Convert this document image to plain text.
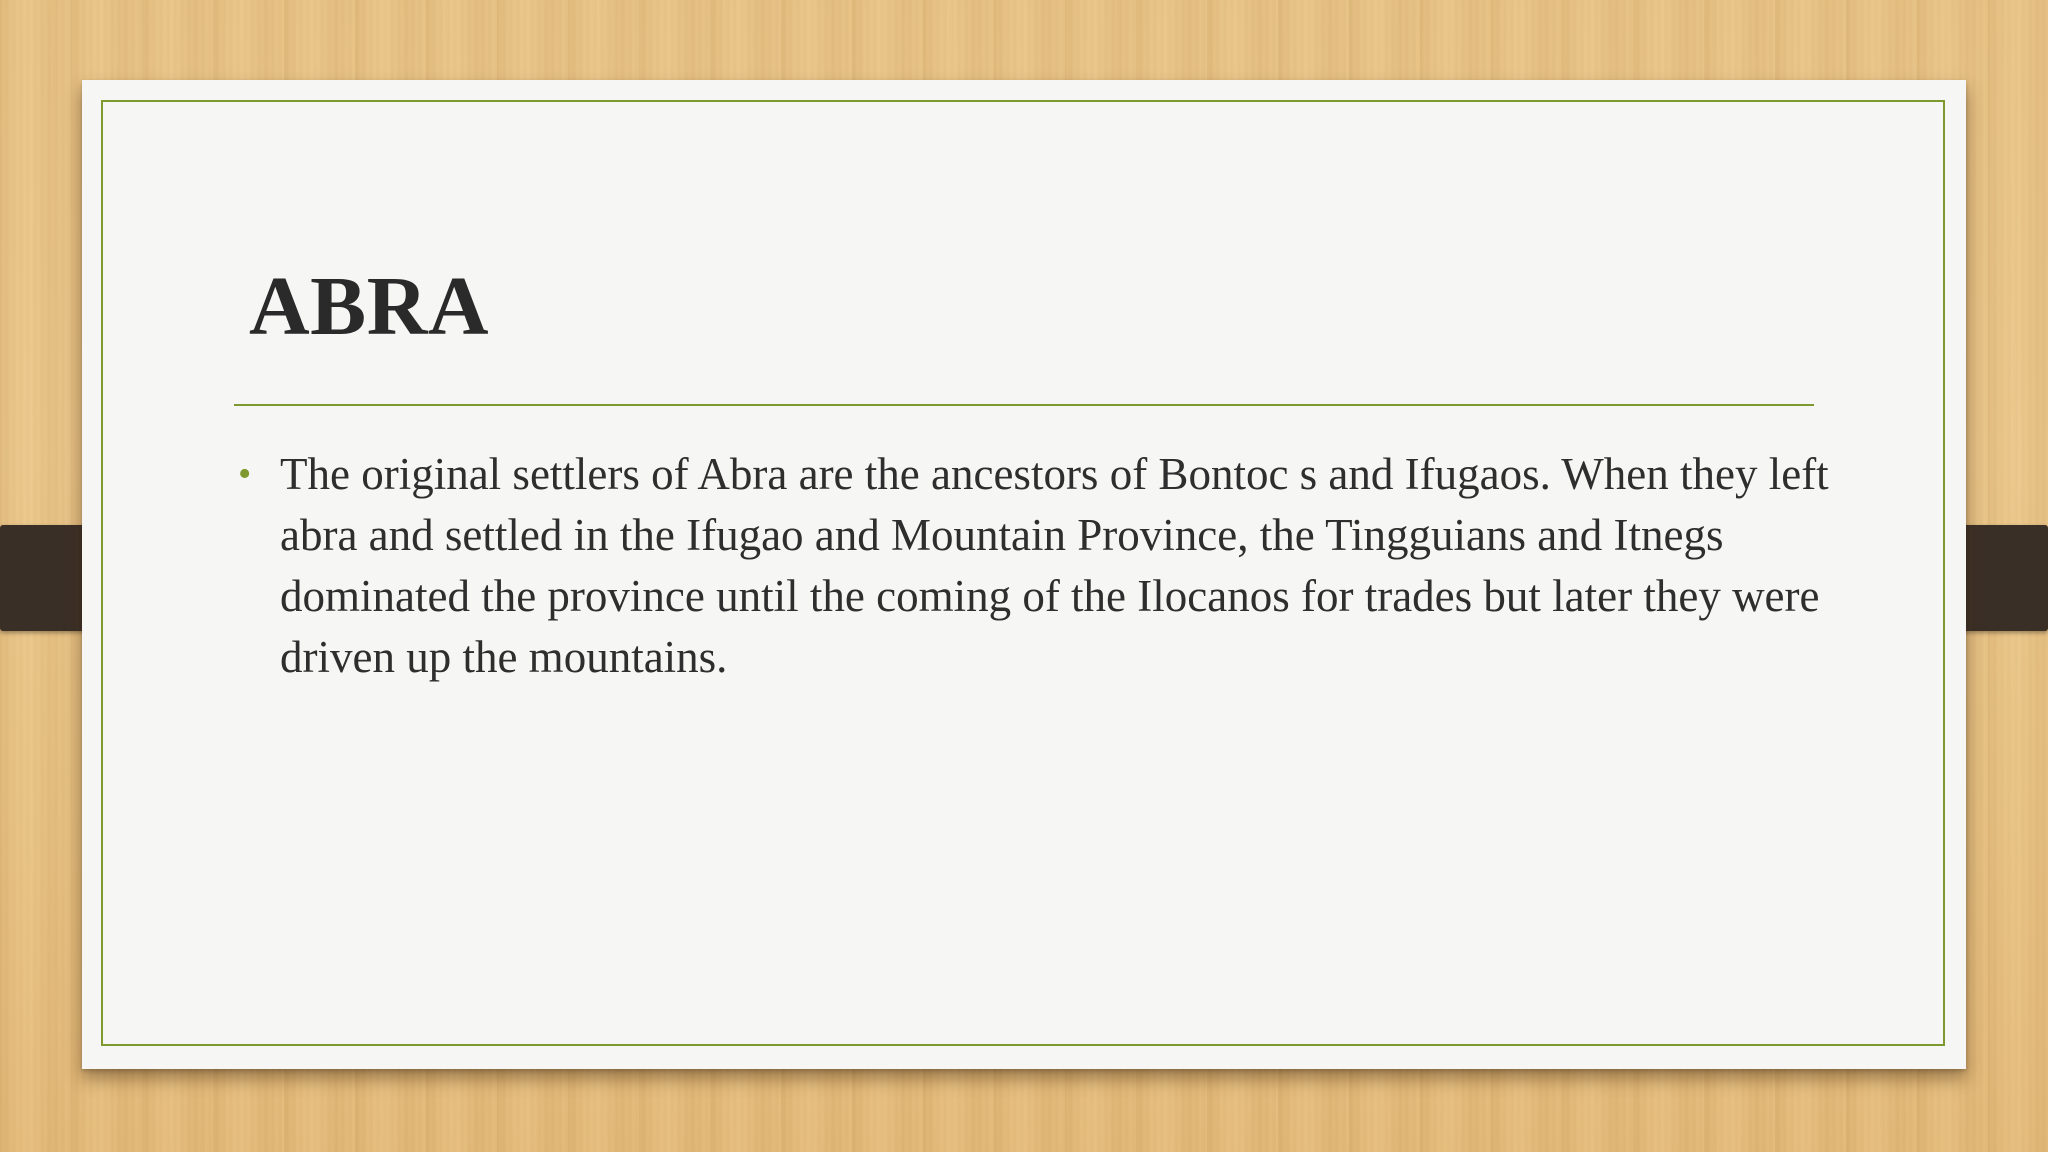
ABRA
• The original settlers of Abra are the ancestors of Bontoc s and Ifugaos. When they left abra and settled in the Ifugao and Mountain Province, the Tingguians and Itnegs dominated the province until the coming of the Ilocanos for trades but later they were driven up the mountains.
